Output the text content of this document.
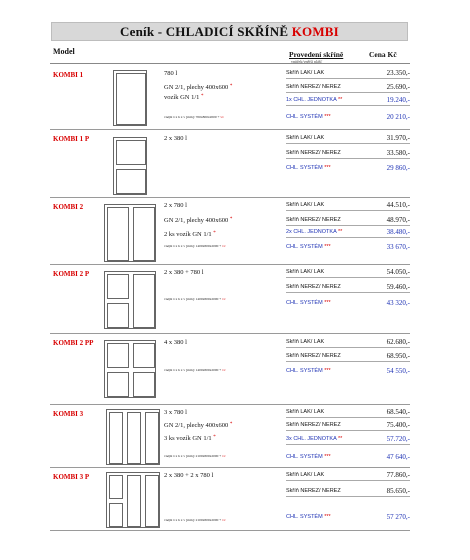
Ceník - CHLADICÍ SKŘÍNĚ KOMBI
Model	Provedení skříně
vnitřek/vnější plášť
Cena Kč
KOMBI 1	780 l
GN 2/1, plechy 400x600 *
vozík GN 1/1 *
vnější š x h x v [mm]: 700x800x2000 + vv
Skříň LAK/ LAK	23.350,-
Skříň NEREZ/ NEREZ	25.690,-
1x CHL. JEDNOTKA **	19.240,-
CHL. SYSTÉM ***	20 210,-
KOMBI 1 P	2 x 380 l	Skříň LAK/ LAK	31.970,-
Skříň NEREZ/ NEREZ	33.580,-
CHL. SYSTÉM ***	29 860,-
KOMBI 2	2 x 780 l
GN 2/1, plechy 400x600 *
2 ks vozík GN 1/1 *
vnější š x h x v [mm]: 1400x800x2000 + vv
Skříň LAK/ LAK	44.510,-
Skříň NEREZ/ NEREZ	48.970,-
2x CHL. JEDNOTKA **	38.480,-
CHL. SYSTÉM ***	33 670,-
KOMBI 2 P	2 x 380 + 780 l
vnější š x h x v [mm]: 1400x800x2000 + vv
Skříň LAK/ LAK	54.050,-
Skříň NEREZ/ NEREZ	59.460,-
CHL. SYSTÉM ***	43 320,-
KOMBI 2 PP	4 x 380 l
vnější š x h x v [mm]: 1400x800x2000 + vv
Skříň LAK/ LAK	62.680,-
Skříň NEREZ/ NEREZ	68.950,-
CHL. SYSTÉM ***	54 550,-
KOMBI 3	3 x 780 l
GN 2/1, plechy 400x600 *
3 ks vozík GN 1/1 *
vnější š x h x v [mm]: 2100x800x2000 + vv
Skříň LAK/ LAK	68.540,-
Skříň NEREZ/ NEREZ	75.400,-
3x CHL. JEDNOTKA **	57.720,-
CHL. SYSTÉM ***	47 640,-
KOMBI 3 P	2 x 380 + 2 x 780 l
vnější š x h x v [mm]: 2100x800x2000 + vv
Skříň LAK/ LAK	77.860,-
Skříň NEREZ/ NEREZ	85.650,-
CHL. SYSTÉM ***	57 270,-
